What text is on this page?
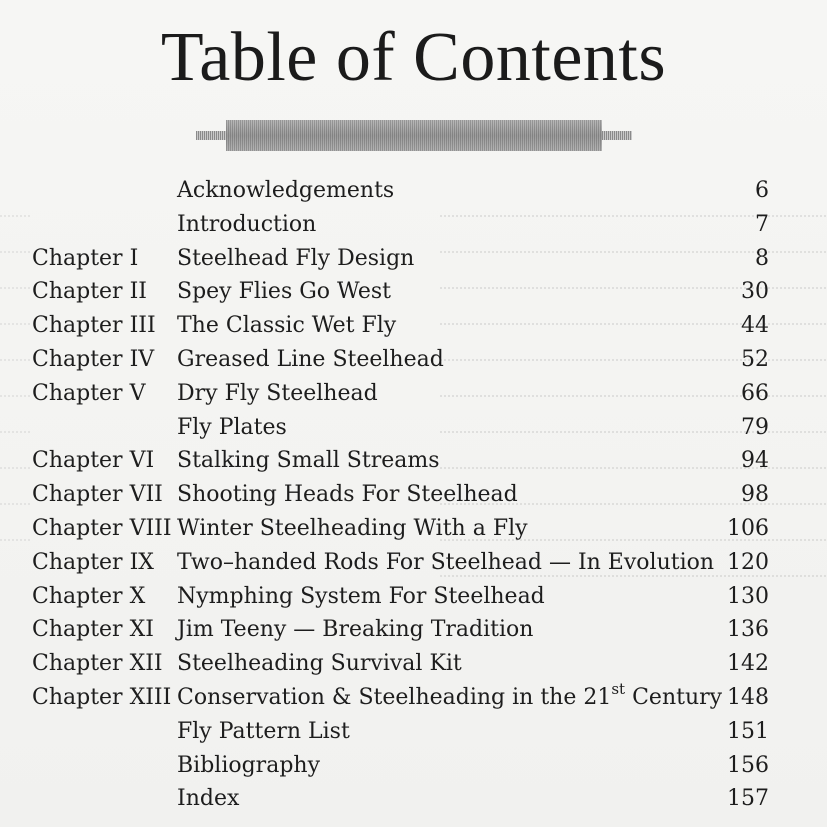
Table of Contents
Acknowledgements	6
Introduction	7
Chapter I Steelhead Fly Design	8
Chapter II Spey Flies Go West	30
Chapter III The Classic Wet Fly	44
Chapter IV Greased Line Steelhead	52
Chapter V Dry Fly Steelhead	66
Fly Plates	79
Chapter VI Stalking Small Streams	94
Chapter VII Shooting Heads For Steelhead	98
Chapter VIII Winter Steelheading With a Fly	106
Chapter IX Two–handed Rods For Steelhead — In Evolution 120
Chapter X Nymphing System For Steelhead	130
Chapter XI Jim Teeny — Breaking Tradition	136
Chapter XII Steelheading Survival Kit	142
Chapter XIII Conservation & Steelheading in the 21st Century 148
Fly Pattern List	151
Bibliography	156
Index	157
